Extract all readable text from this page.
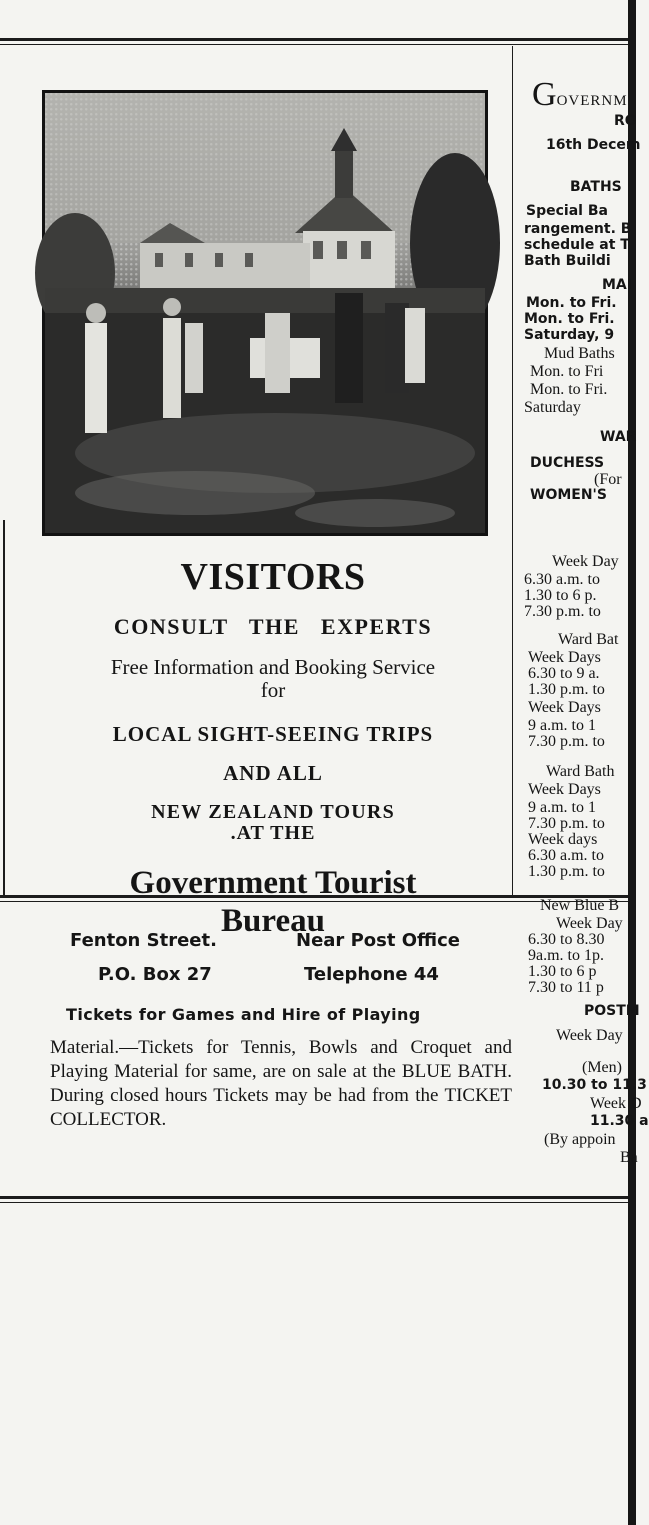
VISITORS

CONSULT THE EXPERTS

Free Information and Booking Service

for

LOCAL SIGHT-SEEING TRIPS

AND ALL

NEW ZEALAND TOURS

.AT THE

Government Tourist

Bureau

Fenton Street.	Near Post Office
P.O. Box 27	Telephone 44
Tickets for Games and Hire of Playing
Material.—Tickets for Tennis, Bowls and Croquet and Playing Material for same, are on sale at the BLUE BATH. During closed hours Tickets may be had from the TICKET COLLECTOR.
GOVERNM
RO
16th Decem
BATHS
Special Ba
rangement. B
schedule at T
Bath Buildi
MAI
Mon. to Fri.
Mon. to Fri.
Saturday, 9
Mud Baths
Mon. to Fri
Mon. to Fri.
Saturday
WAR
DUCHESS
(For
WOMEN'S
Week Day
6.30 a.m. to
1.30 to 6 p.
7.30 p.m. to
Ward Bat
Week Days
6.30 to 9 a.
1.30 p.m. to
Week Days
9 a.m. to 1
7.30 p.m. to
Ward Bath
Week Days
9 a.m. to 1
7.30 p.m. to
Week days
6.30 a.m. to
1.30 p.m. to
New Blue B
Week Day
6.30 to 8.30
9a.m. to 1p.
1.30 to 6 p
7.30 to 11 p
POSTM
Week Day
(Men)
10.30 to 11.3
Week D
11.30 a
(By appoin
Ba
